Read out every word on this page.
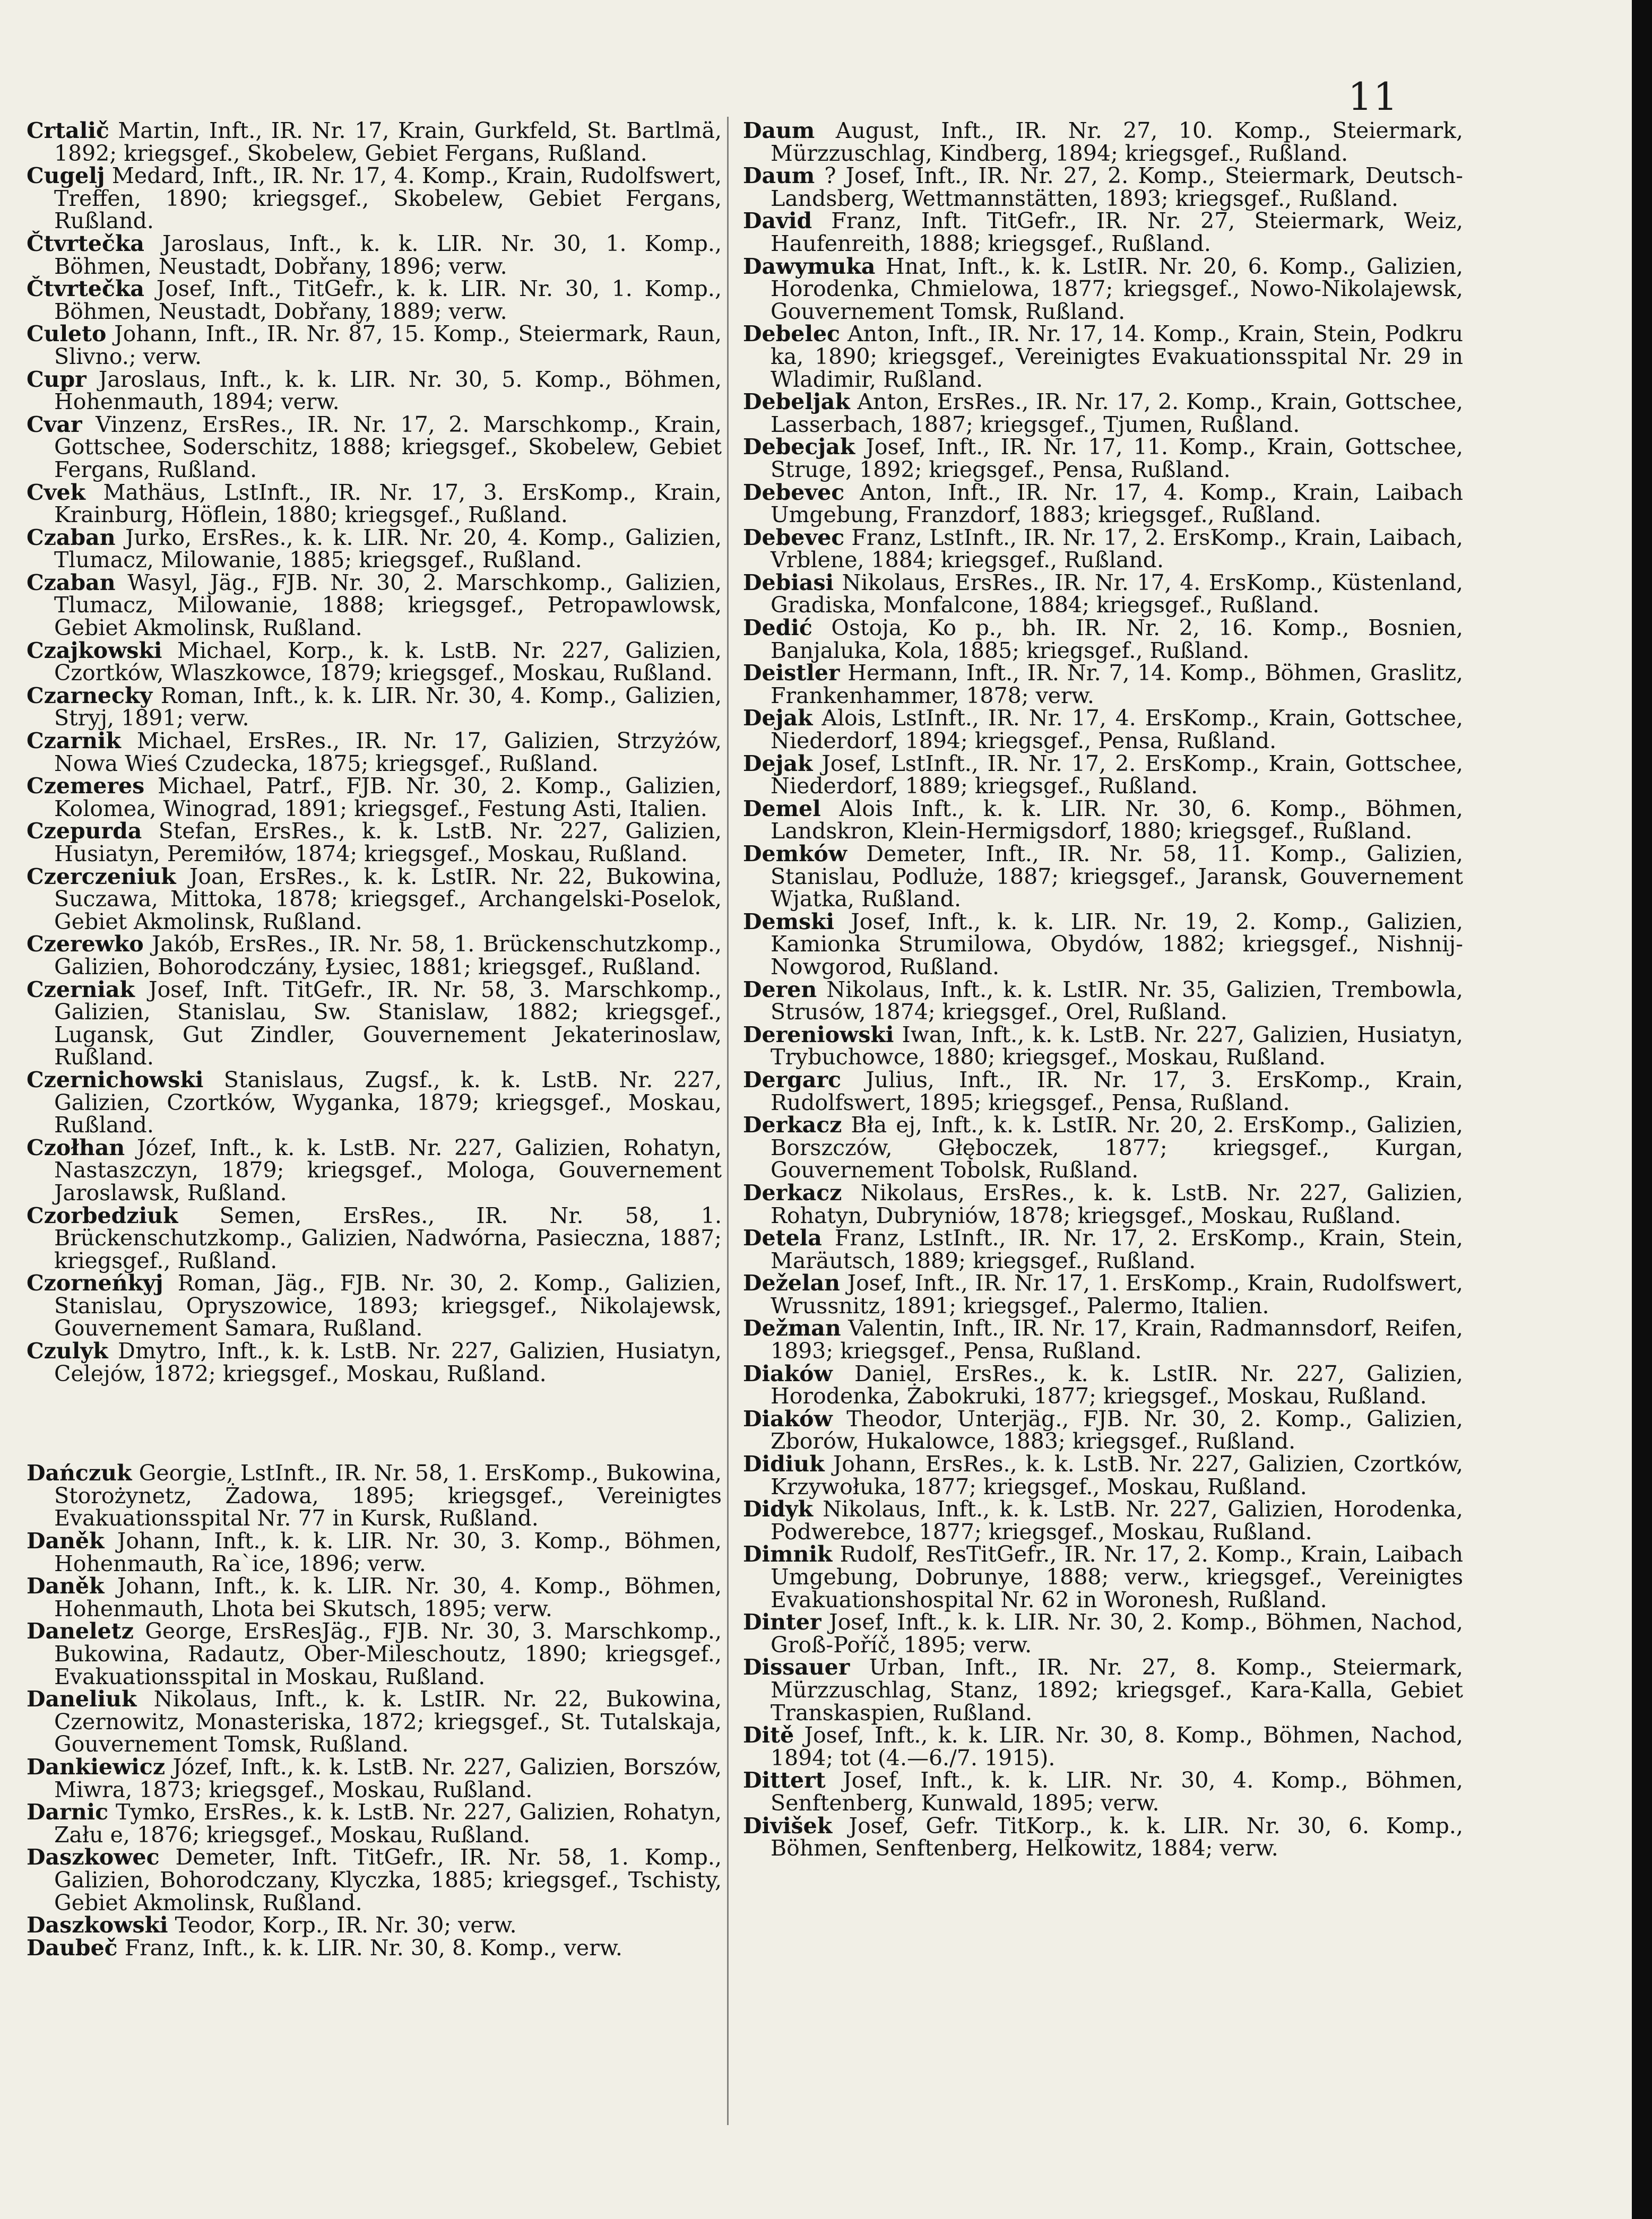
11
Crtalič Martin, Inft., IR. Nr. 17, Krain, Gurkfeld, St. Bartlmä, 1892; kriegsgef., Skobelew, Gebiet Fergans, Rußland.
Cugelj Medard, Inft., IR. Nr. 17, 4. Komp., Krain, Rudolfswert, Treffen, 1890; kriegsgef., Skobelew, Gebiet Fergans, Rußland.
Čtvrtečka Jaroslaus, Inft., k. k. LIR. Nr. 30, 1. Komp., Böhmen, Neustadt, Dobřany, 1896; verw.
Čtvrtečka Josef, Inft., TitGefr., k. k. LIR. Nr. 30, 1. Komp., Böhmen, Neustadt, Dobřany, 1889; verw.
Culeto Johann, Inft., IR. Nr. 87, 15. Komp., Steiermark, Raun, Slivno.; verw.
Cupr Jaroslaus, Inft., k. k. LIR. Nr. 30, 5. Komp., Böhmen, Hohenmauth, 1894; verw.
Cvar Vinzenz, ErsRes., IR. Nr. 17, 2. Marschkomp., Krain, Gottschee, Soderschitz, 1888; kriegsgef., Skobelew, Gebiet Fergans, Rußland.
Cvek Mathäus, LstInft., IR. Nr. 17, 3. ErsKomp., Krain, Krainburg, Höflein, 1880; kriegsgef., Rußland.
Czaban Jurko, ErsRes., k. k. LIR. Nr. 20, 4. Komp., Galizien, Tlumacz, Milowanie, 1885; kriegsgef., Rußland.
Czaban Wasyl, Jäg., FJB. Nr. 30, 2. Marschkomp., Galizien, Tlumacz, Milowanie, 1888; kriegsgef., Petropawlowsk, Gebiet Akmolinsk, Rußland.
Czajkowski Michael, Korp., k. k. LstB. Nr. 227, Galizien, Czortków, Wlaszkowce, 1879; kriegsgef., Moskau, Rußland.
Czarnecky Roman, Inft., k. k. LIR. Nr. 30, 4. Komp., Galizien, Stryj, 1891; verw.
Czarnik Michael, ErsRes., IR. Nr. 17, Galizien, Strzyżów, Nowa Wieś Czudecka, 1875; kriegsgef., Rußland.
Czemeres Michael, Patrf., FJB. Nr. 30, 2. Komp., Galizien, Kolomea, Winograd, 1891; kriegsgef., Festung Asti, Italien.
Czepurda Stefan, ErsRes., k. k. LstB. Nr. 227, Galizien, Husiatyn, Peremiłów, 1874; kriegsgef., Moskau, Rußland.
Czerczeniuk Joan, ErsRes., k. k. LstIR. Nr. 22, Bukowina, Suczawa, Mittoka, 1878; kriegsgef., Archangelski-Poselok, Gebiet Akmolinsk, Rußland.
Czerewko Jakób, ErsRes., IR. Nr. 58, 1. Brückenschutzkomp., Galizien, Bohorodczány, Łysiec, 1881; kriegsgef., Rußland.
Czerniak Josef, Inft. TitGefr., IR. Nr. 58, 3. Marschkomp., Galizien, Stanislau, Sw. Stanislaw, 1882; kriegsgef., Lugansk, Gut Zindler, Gouvernement Jekaterinoslaw, Rußland.
Czernichowski Stanislaus, Zugsf., k. k. LstB. Nr. 227, Galizien, Czortków, Wyganka, 1879; kriegsgef., Moskau, Rußland.
Czołhan Józef, Inft., k. k. LstB. Nr. 227, Galizien, Rohatyn, Nastaszczyn, 1879; kriegsgef., Mologa, Gouvernement Jaroslawsk, Rußland.
Czorbedziuk Semen, ErsRes., IR. Nr. 58, 1. Brückenschutzkomp., Galizien, Nadwórna, Pasieczna, 1887; kriegsgef., Rußland.
Czorneńkyj Roman, Jäg., FJB. Nr. 30, 2. Komp., Galizien, Stanislau, Opryszowice, 1893; kriegsgef., Nikolajewsk, Gouvernement Samara, Rußland.
Czulyk Dmytro, Inft., k. k. LstB. Nr. 227, Galizien, Husiatyn, Celejów, 1872; kriegsgef., Moskau, Rußland.
Dańczuk Georgie, LstInft., IR. Nr. 58, 1. ErsKomp., Bukowina, Storożynetz, Żadowa, 1895; kriegsgef., Vereinigtes Evakuationsspital Nr. 77 in Kursk, Rußland.
Daněk Johann, Inft., k. k. LIR. Nr. 30, 3. Komp., Böhmen, Hohenmauth, Ra`ice, 1896; verw.
Daněk Johann, Inft., k. k. LIR. Nr. 30, 4. Komp., Böhmen, Hohenmauth, Lhota bei Skutsch, 1895; verw.
Daneletz George, ErsResJäg., FJB. Nr. 30, 3. Marschkomp., Bukowina, Radautz, Ober-Mileschoutz, 1890; kriegsgef., Evakuationsspital in Moskau, Rußland.
Daneliuk Nikolaus, Inft., k. k. LstIR. Nr. 22, Bukowina, Czernowitz, Monasteriska, 1872; kriegsgef., St. Tutalskaja, Gouvernement Tomsk, Rußland.
Dankiewicz Józef, Inft., k. k. LstB. Nr. 227, Galizien, Borszów, Miwra, 1873; kriegsgef., Moskau, Rußland.
Darnic Tymko, ErsRes., k. k. LstB. Nr. 227, Galizien, Rohatyn, Zału e, 1876; kriegsgef., Moskau, Rußland.
Daszkowec Demeter, Inft. TitGefr., IR. Nr. 58, 1. Komp., Galizien, Bohorodczany, Klyczka, 1885; kriegsgef., Tschisty, Gebiet Akmolinsk, Rußland.
Daszkowski Teodor, Korp., IR. Nr. 30; verw.
Daubeč Franz, Inft., k. k. LIR. Nr. 30, 8. Komp., verw.
Daum August, Inft., IR. Nr. 27, 10. Komp., Steiermark, Mürzzuschlag, Kindberg, 1894; kriegsgef., Rußland.
Daum ? Josef, Inft., IR. Nr. 27, 2. Komp., Steiermark, Deutsch-Landsberg, Wettmannstätten, 1893; kriegsgef., Rußland.
David Franz, Inft. TitGefr., IR. Nr. 27, Steiermark, Weiz, Haufenreith, 1888; kriegsgef., Rußland.
Dawymuka Hnat, Inft., k. k. LstIR. Nr. 20, 6. Komp., Galizien, Horodenka, Chmielowa, 1877; kriegsgef., Nowo-Nikolajewsk, Gouvernement Tomsk, Rußland.
Debelec Anton, Inft., IR. Nr. 17, 14. Komp., Krain, Stein, Podkru ka, 1890; kriegsgef., Vereinigtes Evakuationsspital Nr. 29 in Wladimir, Rußland.
Debeljak Anton, ErsRes., IR. Nr. 17, 2. Komp., Krain, Gottschee, Lasserbach, 1887; kriegsgef., Tjumen, Rußland.
Debecjak Josef, Inft., IR. Nr. 17, 11. Komp., Krain, Gottschee, Struge, 1892; kriegsgef., Pensa, Rußland.
Debevec Anton, Inft., IR. Nr. 17, 4. Komp., Krain, Laibach Umgebung, Franzdorf, 1883; kriegsgef., Rußland.
Debevec Franz, LstInft., IR. Nr. 17, 2. ErsKomp., Krain, Laibach, Vrblene, 1884; kriegsgef., Rußland.
Debiasi Nikolaus, ErsRes., IR. Nr. 17, 4. ErsKomp., Küstenland, Gradiska, Monfalcone, 1884; kriegsgef., Rußland.
Dedić Ostoja, Ko p., bh. IR. Nr. 2, 16. Komp., Bosnien, Banjaluka, Kola, 1885; kriegsgef., Rußland.
Deistler Hermann, Inft., IR. Nr. 7, 14. Komp., Böhmen, Graslitz, Frankenhammer, 1878; verw.
Dejak Alois, LstInft., IR. Nr. 17, 4. ErsKomp., Krain, Gottschee, Niederdorf, 1894; kriegsgef., Pensa, Rußland.
Dejak Josef, LstInft., IR. Nr. 17, 2. ErsKomp., Krain, Gottschee, Niederdorf, 1889; kriegsgef., Rußland.
Demel Alois Inft., k. k. LIR. Nr. 30, 6. Komp., Böhmen, Landskron, Klein-Hermigsdorf, 1880; kriegsgef., Rußland.
Demków Demeter, Inft., IR. Nr. 58, 11. Komp., Galizien, Stanislau, Podluże, 1887; kriegsgef., Jaransk, Gouvernement Wjatka, Rußland.
Demski Josef, Inft., k. k. LIR. Nr. 19, 2. Komp., Galizien, Kamionka Strumilowa, Obydów, 1882; kriegsgef., Nishnij-Nowgorod, Rußland.
Deren Nikolaus, Inft., k. k. LstIR. Nr. 35, Galizien, Trembowla, Strusów, 1874; kriegsgef., Orel, Rußland.
Dereniowski Iwan, Inft., k. k. LstB. Nr. 227, Galizien, Husiatyn, Trybuchowce, 1880; kriegsgef., Moskau, Rußland.
Dergarc Julius, Inft., IR. Nr. 17, 3. ErsKomp., Krain, Rudolfswert, 1895; kriegsgef., Pensa, Rußland.
Derkacz Bła ej, Inft., k. k. LstIR. Nr. 20, 2. ErsKomp., Galizien, Borszczów, Głęboczek, 1877; kriegsgef., Kurgan, Gouvernement Tobolsk, Rußland.
Derkacz Nikolaus, ErsRes., k. k. LstB. Nr. 227, Galizien, Rohatyn, Dubryniów, 1878; kriegsgef., Moskau, Rußland.
Detela Franz, LstInft., IR. Nr. 17, 2. ErsKomp., Krain, Stein, Maräutsch, 1889; kriegsgef., Rußland.
Deželan Josef, Inft., IR. Nr. 17, 1. ErsKomp., Krain, Rudolfswert, Wrussnitz, 1891; kriegsgef., Palermo, Italien.
Dežman Valentin, Inft., IR. Nr. 17, Krain, Radmannsdorf, Reifen, 1893; kriegsgef., Pensa, Rußland.
Diaków Daniel, ErsRes., k. k. LstIR. Nr. 227, Galizien, Horodenka, Żabokruki, 1877; kriegsgef., Moskau, Rußland.
Diaków Theodor, Unterjäg., FJB. Nr. 30, 2. Komp., Galizien, Zborów, Hukalowce, 1883; kriegsgef., Rußland.
Didiuk Johann, ErsRes., k. k. LstB. Nr. 227, Galizien, Czortków, Krzywołuka, 1877; kriegsgef., Moskau, Rußland.
Didyk Nikolaus, Inft., k. k. LstB. Nr. 227, Galizien, Horodenka, Podwerebce, 1877; kriegsgef., Moskau, Rußland.
Dimnik Rudolf, ResTitGefr., IR. Nr. 17, 2. Komp., Krain, Laibach Umgebung, Dobrunye, 1888; verw., kriegsgef., Vereinigtes Evakuationshospital Nr. 62 in Woronesh, Rußland.
Dinter Josef, Inft., k. k. LIR. Nr. 30, 2. Komp., Böhmen, Nachod, Groß-Poříč, 1895; verw.
Dissauer Urban, Inft., IR. Nr. 27, 8. Komp., Steiermark, Mürzzuschlag, Stanz, 1892; kriegsgef., Kara-Kalla, Gebiet Transkaspien, Rußland.
Ditě Josef, Inft., k. k. LIR. Nr. 30, 8. Komp., Böhmen, Nachod, 1894; tot (4.—6./7. 1915).
Dittert Josef, Inft., k. k. LIR. Nr. 30, 4. Komp., Böhmen, Senftenberg, Kunwald, 1895; verw.
Divišek Josef, Gefr. TitKorp., k. k. LIR. Nr. 30, 6. Komp., Böhmen, Senftenberg, Helkowitz, 1884; verw.
